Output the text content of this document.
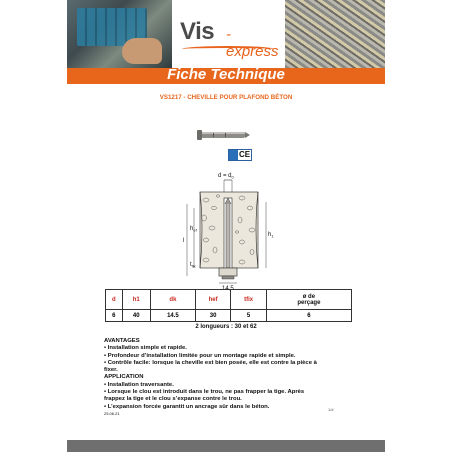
Vis -express
Fiche Technique
VS1217 - CHEVILLE POUR PLAFOND BÉTON
CE
$d = d_0$
l
$h_{ef}$
$h_1$
$t_{fix}$
14,5
d	h1	dk	hef	tfix	ø de
perçage
6	40	14.5	30	5	6
2 longueurs : 30 et 62
AVANTAGES
• Installation simple et rapide.
• Profondeur d’installation limitée pour un montage rapide et simple.
• Contrôle facile: lorsque la cheville est bien posée, elle est contre la pièce à
fixer.
APPLICATION
• Installation traversante.
• Lorsque le clou est introduit dans le trou, ne pas frapper la tige. Après
frappez la tige et le clou s’expanse contre le trou.
• L’expansion forcée garantit un ancrage sûr dans le béton.	1/#
25.06.21
